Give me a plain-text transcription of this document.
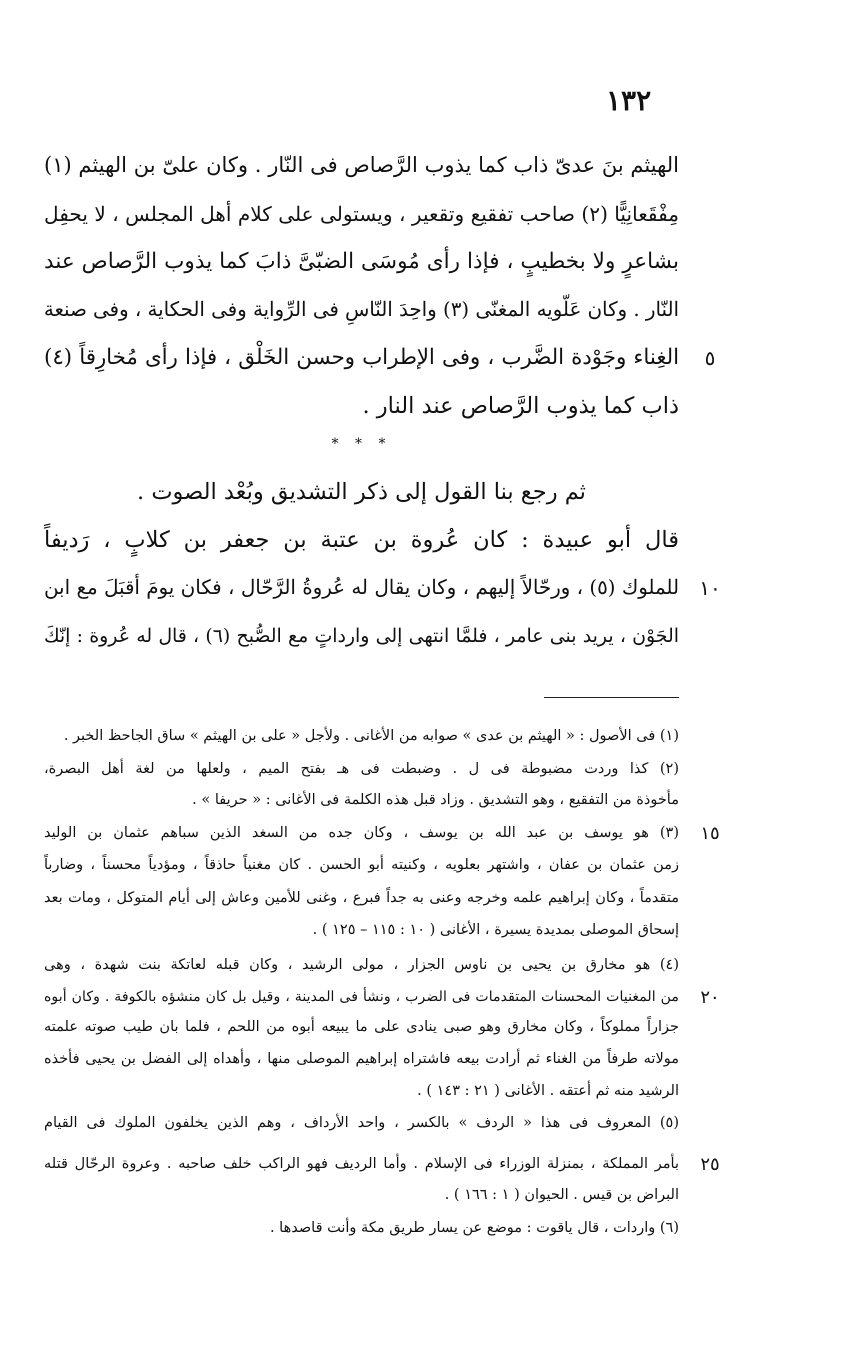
١٣٢
الهيثم بنَ عدىّ ذاب كما يذوب الرَّصاص فى النّار . وكان علىّ بن الهيثم (١)
مِفْقَعانِيًّا (٢) صاحب تفقيع وتقعير ، ويستولى على كلام أهل المجلس ، لا يحفِل
بشاعرٍ ولا بخطيبٍ ، فإذا رأى مُوسَى الضبّىَّ ذابَ كما يذوب الرَّصاص عند
النّار . وكان عَلّويه المغنّى (٣) واحِدَ النّاسِ فى الرِّواية وفى الحكاية ، وفى صنعة
الغِناء وجَوْدة الضَّرب ، وفى الإطراب وحسن الخَلْق ، فإذا رأى مُخارِقاً (٤)
ذاب كما يذوب الرَّصاص عند النار .
* * *
ثم رجع بنا القول إلى ذكر التشديق وبُعْد الصوت .
قال أبو عبيدة : كان عُروة بن عتبة بن جعفر بن كلابٍ ، رَديفاً
للملوك (٥) ، ورحّالاً إليهم ، وكان يقال له عُروةُ الرَّحّال ، فكان يومَ أقبَلَ مع ابن
الجَوْن ، يريد بنى عامر ، فلمَّا انتهى إلى وارداتٍ مع الصُّبح (٦) ، قال له عُروة : إنّكَ
٥
١٠
١٥
٢٠
٢٥
(١) فى الأصول : « الهيثم بن عدى » صوابه من الأغانى . ولأجل « على بن الهيثم » ساق الجاحظ الخبر .
(٢) كذا وردت مضبوطة فى ل . وضبطت فى هـ بفتح الميم ، ولعلها من لغة أهل البصرة،
مأخوذة من التفقيع ، وهو التشديق . وزاد قبل هذه الكلمة فى الأغانى : « حريفا » .
(٣) هو يوسف بن عبد الله بن يوسف ، وكان جده من السغد الذين سباهم عثمان بن الوليد
زمن عثمان بن عفان ، واشتهر بعلويه ، وكنيته أبو الحسن . كان مغنياً حاذقاً ، ومؤدياً محسناً ، وضارباً
متقدماً ، وكان إبراهيم علمه وخرجه وعنى به جداً فبرع ، وغنى للأمين وعاش إلى أيام المتوكل ، ومات بعد
إسحاق الموصلى بمديدة يسيرة ، الأغانى ( ١٠ : ١١٥ – ١٢٥ ) .
(٤) هو مخارق بن يحيى بن ناوس الجزار ، مولى الرشيد ، وكان قبله لعاتكة بنت شهدة ، وهى
من المغنيات المحسنات المتقدمات فى الضرب ، ونشأ فى المدينة ، وقيل بل كان منشؤه بالكوفة . وكان أبوه
جزاراً مملوكاً ، وكان مخارق وهو صبى ينادى على ما يبيعه أبوه من اللحم ، فلما بان طيب صوته علمته
مولاته طرفاً من الغناء ثم أرادت بيعه فاشتراه إبراهيم الموصلى منها ، وأهداه إلى الفضل بن يحيى فأخذه
الرشيد منه ثم أعتقه . الأغانى ( ٢١ : ١٤٣ ) .
(٥) المعروف فى هذا « الردف » بالكسر ، واحد الأرداف ، وهم الذين يخلفون الملوك فى القيام
بأمر المملكة ، بمنزلة الوزراء فى الإسلام . وأما الرديف فهو الراكب خلف صاحبه . وعروة الرحّال قتله
البراض بن قيس . الحيوان ( ١ : ١٦٦ ) .
(٦) واردات ، قال ياقوت : موضع عن يسار طريق مكة وأنت قاصدها .
